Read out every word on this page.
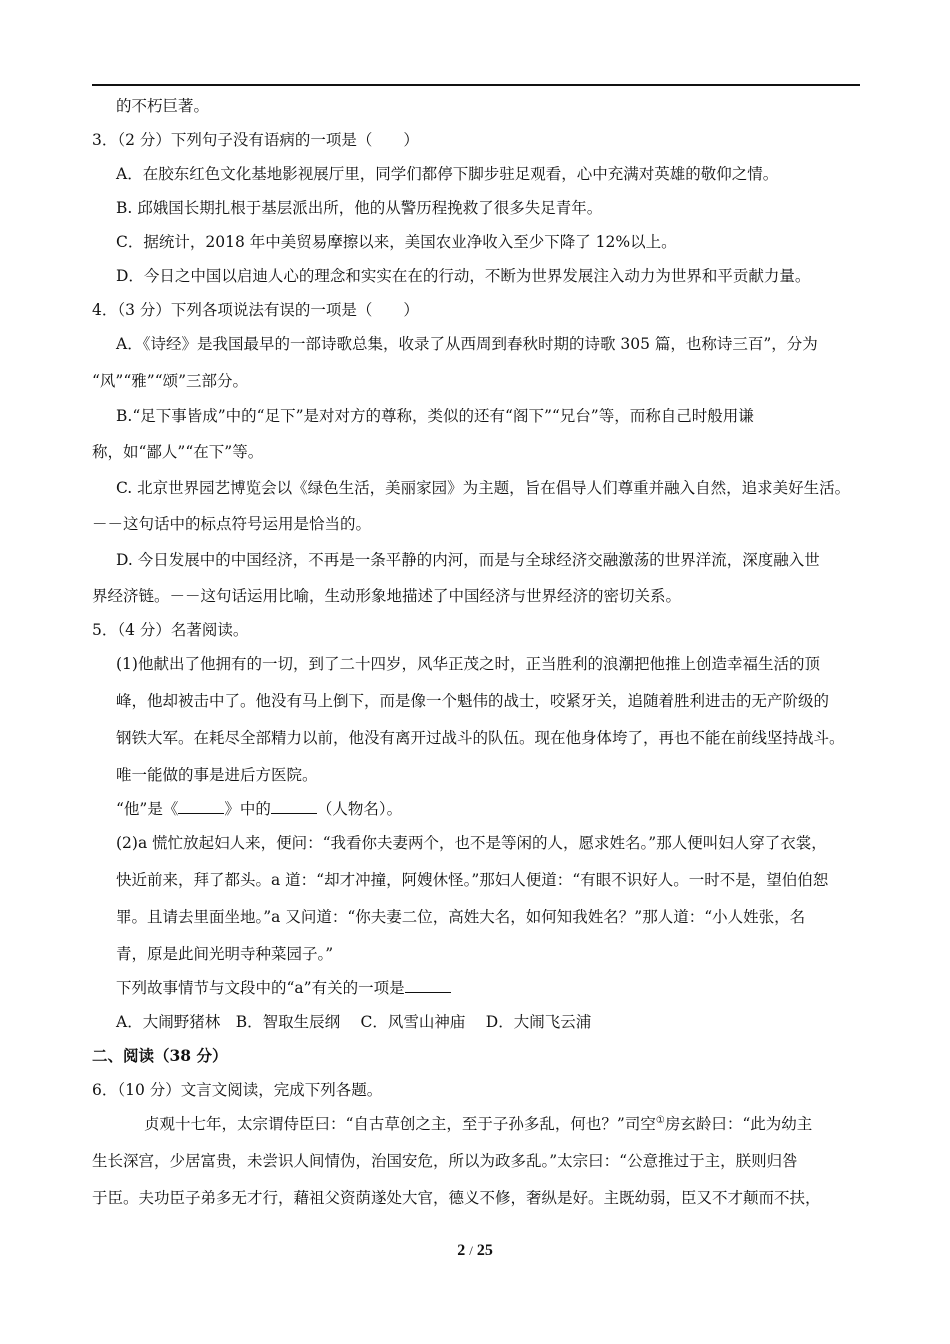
的不朽巨著。
3．（2 分）下列句子没有语病的一项是（　　）
A．在胶东红色文化基地影视展厅里，同学们都停下脚步驻足观看，心中充满对英雄的敬仰之情。
B. 邱娥国长期扎根于基层派出所，他的从警历程挽救了很多失足青年。
C．据统计，2018 年中美贸易摩擦以来，美国农业净收入至少下降了 12%以上。
D．今日之中国以启迪人心的理念和实实在在的行动，不断为世界发展注入动力为世界和平贡献力量。
4．（3 分）下列各项说法有误的一项是（　　）
A．《诗经》是我国最早的一部诗歌总集，收录了从西周到春秋时期的诗歌 305 篇，也称诗三百”，分为
“风”“雅”“颂”三部分。
B.“足下事皆成”中的“足下”是对对方的尊称，类似的还有“阁下”“兄台”等，而称自己时般用谦
称，如“鄙人”“在下”等。
C. 北京世界园艺博览会以《绿色生活，美丽家园》为主题，旨在倡导人们尊重并融入自然，追求美好生活。
－－这句话中的标点符号运用是恰当的。
D. 今日发展中的中国经济，不再是一条平静的内河，而是与全球经济交融激荡的世界洋流，深度融入世
界经济链。－－这句话运用比喻，生动形象地描述了中国经济与世界经济的密切关系。
5．（4 分）名著阅读。
(1)他献出了他拥有的一切，到了二十四岁，风华正茂之时，正当胜利的浪潮把他推上创造幸福生活的顶
峰，他却被击中了。他没有马上倒下，而是像一个魁伟的战士，咬紧牙关，追随着胜利进击的无产阶级的
钢铁大军。在耗尽全部精力以前，他没有离开过战斗的队伍。现在他身体垮了，再也不能在前线坚持战斗。
唯一能做的事是进后方医院。
“他”是《	》中的	（人物名）。
(2)a 慌忙放起妇人来，便问：“我看你夫妻两个，也不是等闲的人，愿求姓名。”那人便叫妇人穿了衣裳，
快近前来，拜了都头。a 道：“却才冲撞，阿嫂休怪。”那妇人便道：“有眼不识好人。一时不是，望伯伯恕
罪。且请去里面坐地。”a 又问道：“你夫妻二位，高姓大名，如何知我姓名？”那人道：“小人姓张，名
青，原是此间光明寺种菜园子。”
下列故事情节与文段中的“a”有关的一项是
A．大闹野猪林　B．智取生辰纲　 C．风雪山神庙　 D．大闹飞云浦
二、阅读（38 分）
6．（10 分）文言文阅读，完成下列各题。
贞观十七年，太宗谓侍臣曰：“自古草创之主，至于子孙多乱，何也？”司空①房玄龄曰：“此为幼主
生长深宫，少居富贵，未尝识人间情伪，治国安危，所以为政多乱。”太宗曰：“公意推过于主，朕则归咎
于臣。夫功臣子弟多无才行，藉祖父资荫遂处大官，德义不修，奢纵是好。主既幼弱，臣又不才颠而不扶，
2 / 25
